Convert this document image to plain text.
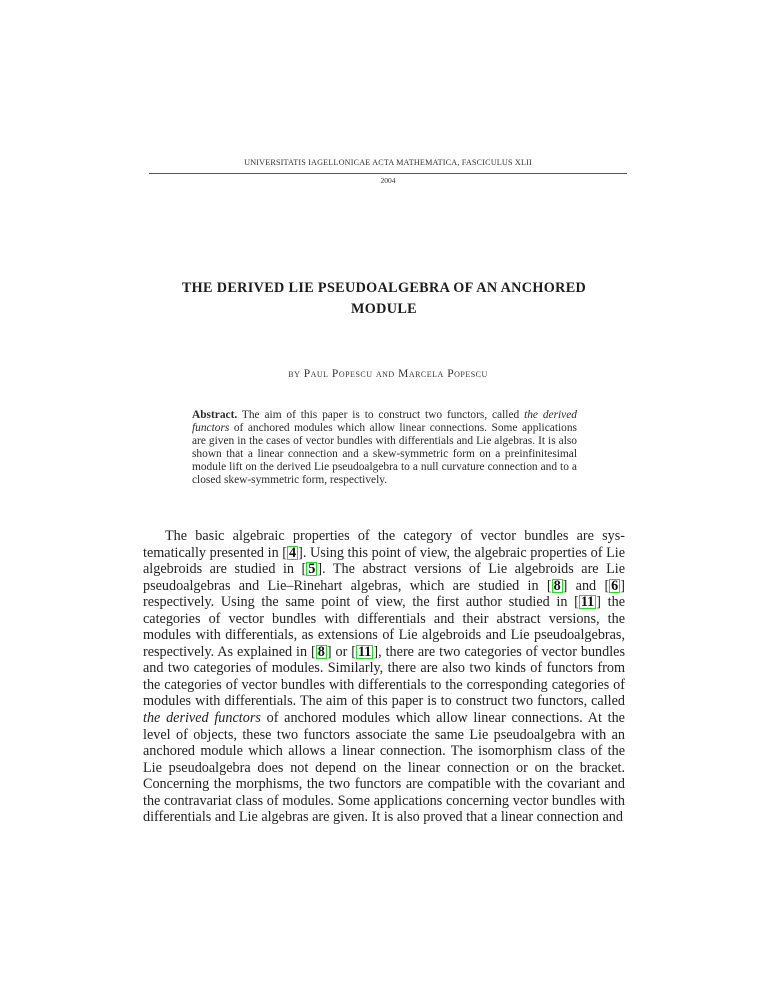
UNIVERSITATIS IAGELLONICAE ACTA MATHEMATICA, FASCICULUS XLII
2004
THE DERIVED LIE PSEUDOALGEBRA OF AN ANCHORED
MODULE
by Paul Popescu and Marcela Popescu
Abstract. The aim of this paper is to construct two functors, called the derived functors of anchored modules which allow linear connections. Some applications are given in the cases of vector bundles with differentials and Lie algebras. It is also shown that a linear connection and a skew-symmetric form on a preinfinitesimal module lift on the derived Lie pseudoalgebra to a null curvature connection and to a closed skew-symmetric form, respectively.
The basic algebraic properties of the category of vector bundles are systematically presented in [ 4 ]. Using this point of view, the algebraic properties of Lie algebroids are studied in [ 5 ]. The abstract versions of Lie algebroids are Lie pseudoalgebras and Lie–Rinehart algebras, which are studied in [ 8 ] and [ 6 ] respectively. Using the same point of view, the first author studied in [ 11 ] the categories of vector bundles with differentials and their abstract versions, the modules with differentials, as extensions of Lie algebroids and Lie pseudoalgebras, respectively. As explained in [ 8 ] or [ 11 ], there are two categories of vector bundles and two categories of modules. Similarly, there are also two kinds of functors from the categories of vector bundles with differentials to the corresponding categories of modules with differentials. The aim of this paper is to construct two functors, called the derived functors of anchored modules which allow linear connections. At the level of objects, these two functors associate the same Lie pseudoalgebra with an anchored module which allows a linear connection. The isomorphism class of the Lie pseudoalgebra does not depend on the linear connection or on the bracket. Concerning the morphisms, the two functors are compatible with the covariant and the contravariat class of modules. Some applications concerning vector bundles with differentials and Lie algebras are given. It is also proved that a linear connection and
